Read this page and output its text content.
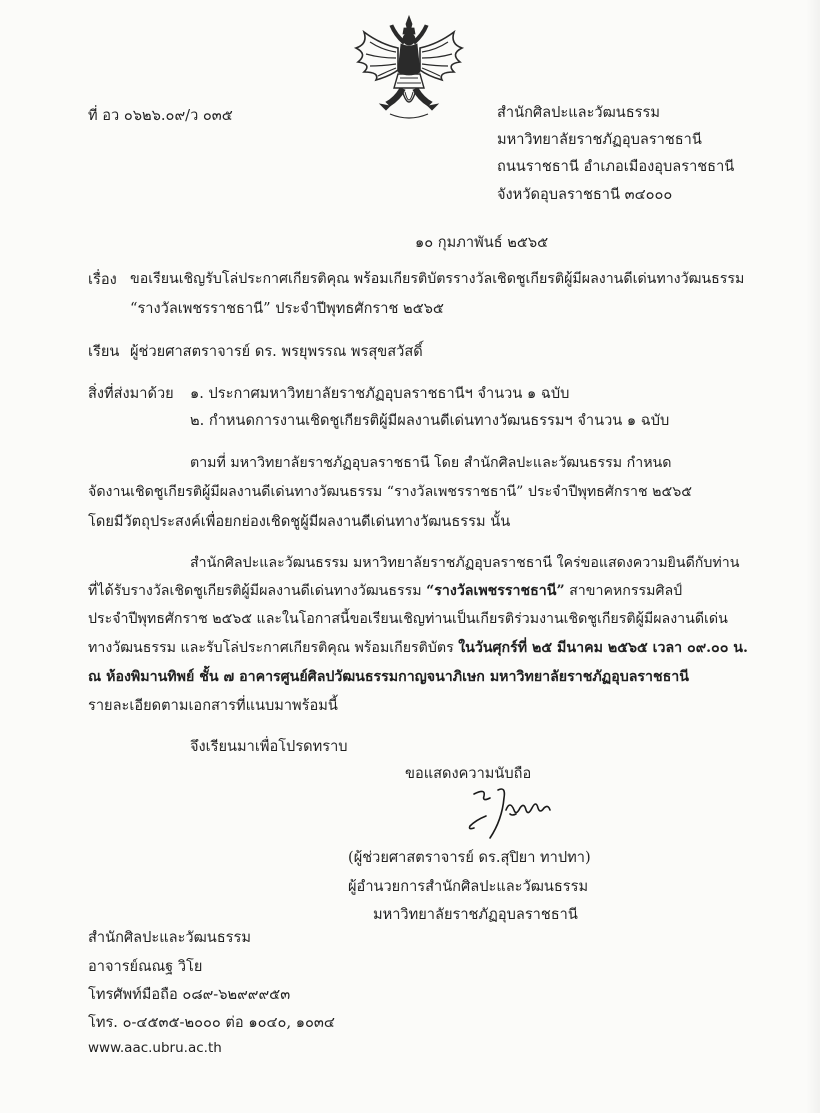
ที่ อว ๐๖๒๖.๐๙/ว ๐๓๕	สำนักศิลปะและวัฒนธรรม
มหาวิทยาลัยราชภัฏอุบลราชธานี
ถนนราชธานี อำเภอเมืองอุบลราชธานี
จังหวัดอุบลราชธานี ๓๔๐๐๐
๑๐ กุมภาพันธ์ ๒๕๖๕
เรื่อง ขอเรียนเชิญรับโล่ประกาศเกียรติคุณ พร้อมเกียรติบัตรรางวัลเชิดชูเกียรติผู้มีผลงานดีเด่นทางวัฒนธรรม
“รางวัลเพชรราชธานี” ประจำปีพุทธศักราช ๒๕๖๕
เรียน ผู้ช่วยศาสตราจารย์ ดร. พรยุพรรณ พรสุขสวัสดิ์
สิ่งที่ส่งมาด้วย ๑. ประกาศมหาวิทยาลัยราชภัฏอุบลราชธานีฯ จำนวน ๑ ฉบับ
๒. กำหนดการงานเชิดชูเกียรติผู้มีผลงานดีเด่นทางวัฒนธรรมฯ จำนวน ๑ ฉบับ
ตามที่ มหาวิทยาลัยราชภัฏอุบลราชธานี โดย สำนักศิลปะและวัฒนธรรม กำหนด
จัดงานเชิดชูเกียรติผู้มีผลงานดีเด่นทางวัฒนธรรม “รางวัลเพชรราชธานี” ประจำปีพุทธศักราช ๒๕๖๕
โดยมีวัตถุประสงค์เพื่อยกย่องเชิดชูผู้มีผลงานดีเด่นทางวัฒนธรรม นั้น
สำนักศิลปะและวัฒนธรรม มหาวิทยาลัยราชภัฏอุบลราชธานี ใคร่ขอแสดงความยินดีกับท่าน
ที่ได้รับรางวัลเชิดชูเกียรติผู้มีผลงานดีเด่นทางวัฒนธรรม “รางวัลเพชรราชธานี” สาขาคหกรรมศิลป์
ประจำปีพุทธศักราช ๒๕๖๕ และในโอกาสนี้ขอเรียนเชิญท่านเป็นเกียรติร่วมงานเชิดชูเกียรติผู้มีผลงานดีเด่น
ทางวัฒนธรรม และรับโล่ประกาศเกียรติคุณ พร้อมเกียรติบัตร ในวันศุกร์ที่ ๒๕ มีนาคม ๒๕๖๕ เวลา ๐๙.๐๐ น.
ณ ห้องพิมานทิพย์ ชั้น ๗ อาคารศูนย์ศิลปวัฒนธรรมกาญจนาภิเษก มหาวิทยาลัยราชภัฏอุบลราชธานี
รายละเอียดตามเอกสารที่แนบมาพร้อมนี้
จึงเรียนมาเพื่อโปรดทราบ
ขอแสดงความนับถือ
(ผู้ช่วยศาสตราจารย์ ดร.สุปิยา ทาปทา)
ผู้อำนวยการสำนักศิลปะและวัฒนธรรม
มหาวิทยาลัยราชภัฏอุบลราชธานี
สำนักศิลปะและวัฒนธรรม
อาจารย์ณณฐ วิโย
โทรศัพท์มือถือ ๐๘๙-๖๒๙๙๙๕๓
โทร. ๐-๔๕๓๕-๒๐๐๐ ต่อ ๑๐๔๐, ๑๐๓๔
www.aac.ubru.ac.th
